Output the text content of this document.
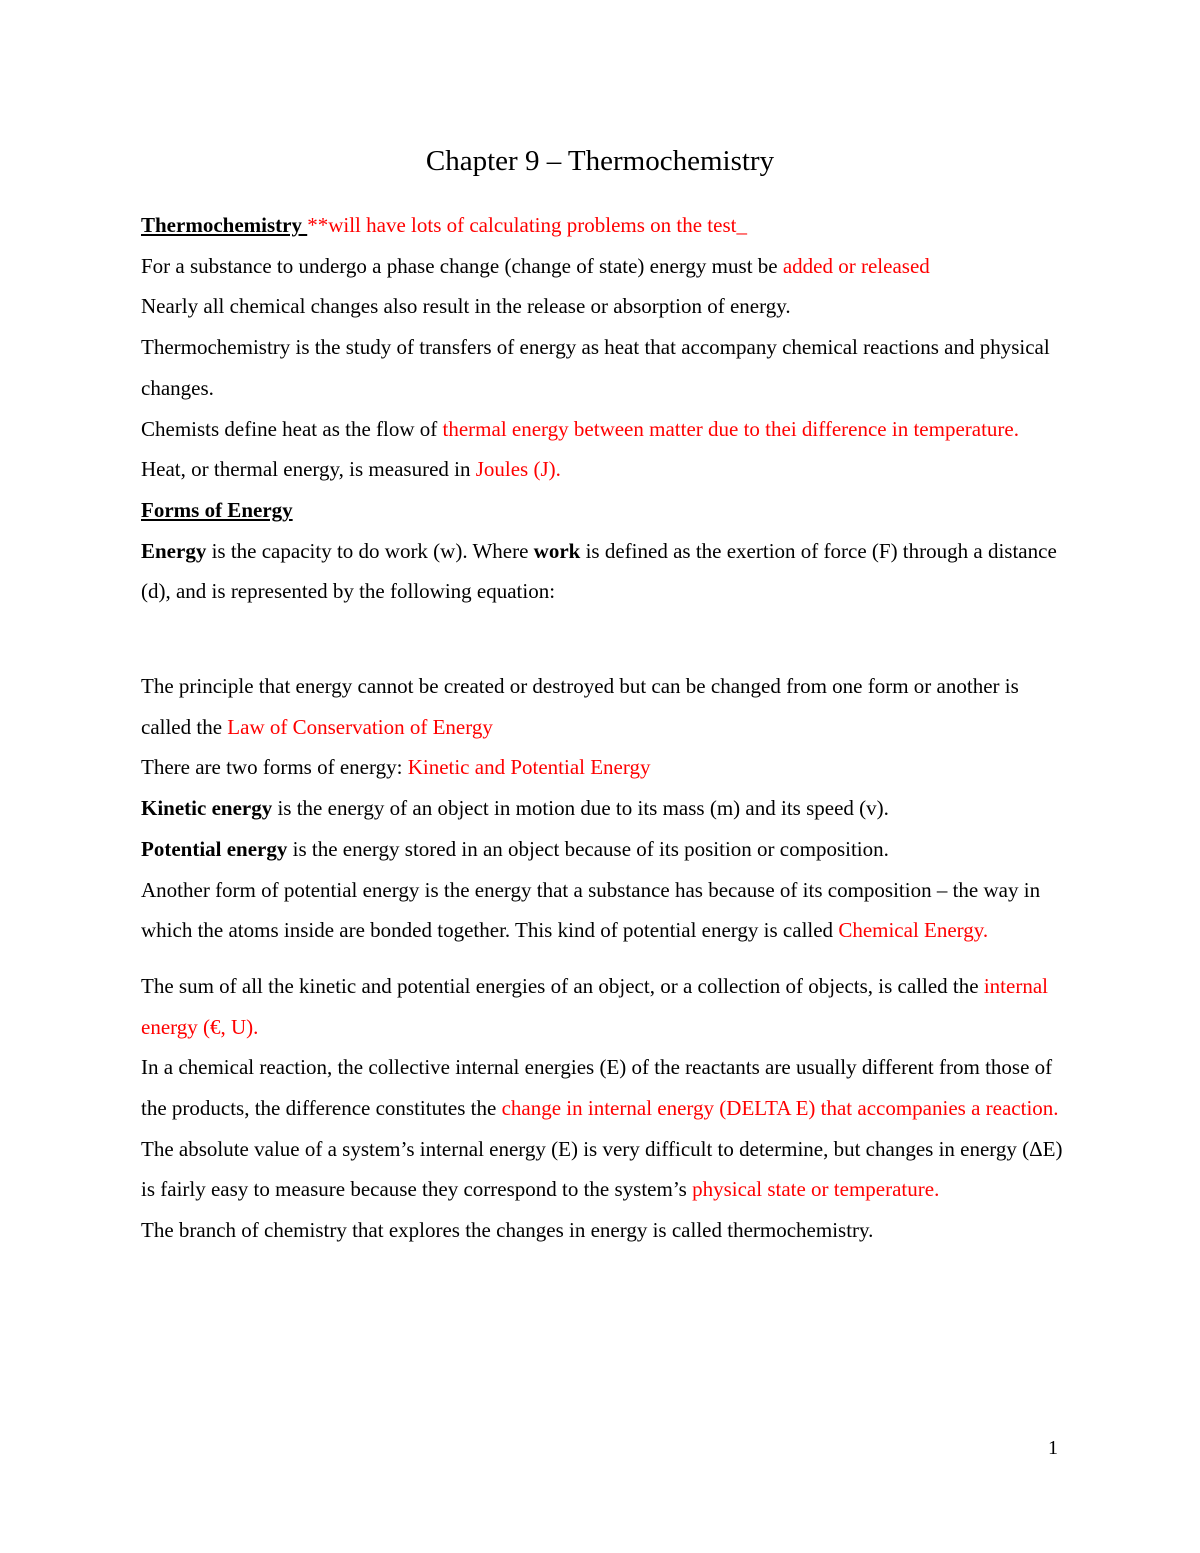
Chapter 9 – Thermochemistry

Thermochemistry **will have lots of calculating problems on the test_

For a substance to undergo a phase change (change of state) energy must be added or released

Nearly all chemical changes also result in the release or absorption of energy.

Thermochemistry is the study of transfers of energy as heat that accompany chemical reactions and physical changes.

Chemists define heat as the flow of thermal energy between matter due to thei difference in temperature.

Heat, or thermal energy, is measured in Joules (J).

Forms of Energy

Energy is the capacity to do work (w). Where work is defined as the exertion of force (F) through a distance (d), and is represented by the following equation:

The principle that energy cannot be created or destroyed but can be changed from one form or another is called the Law of Conservation of Energy

There are two forms of energy: Kinetic and Potential Energy

Kinetic energy is the energy of an object in motion due to its mass (m) and its speed (v).

Potential energy is the energy stored in an object because of its position or composition.

Another form of potential energy is the energy that a substance has because of its composition – the way in which the atoms inside are bonded together. This kind of potential energy is called Chemical Energy.

The sum of all the kinetic and potential energies of an object, or a collection of objects, is called the internal energy (€, U).

In a chemical reaction, the collective internal energies (E) of the reactants are usually different from those of the products, the difference constitutes the change in internal energy (DELTA E) that accompanies a reaction.

The absolute value of a system’s internal energy (E) is very difficult to determine, but changes in energy (ΔE) is fairly easy to measure because they correspond to the system’s physical state or temperature.

The branch of chemistry that explores the changes in energy is called thermochemistry.

1
